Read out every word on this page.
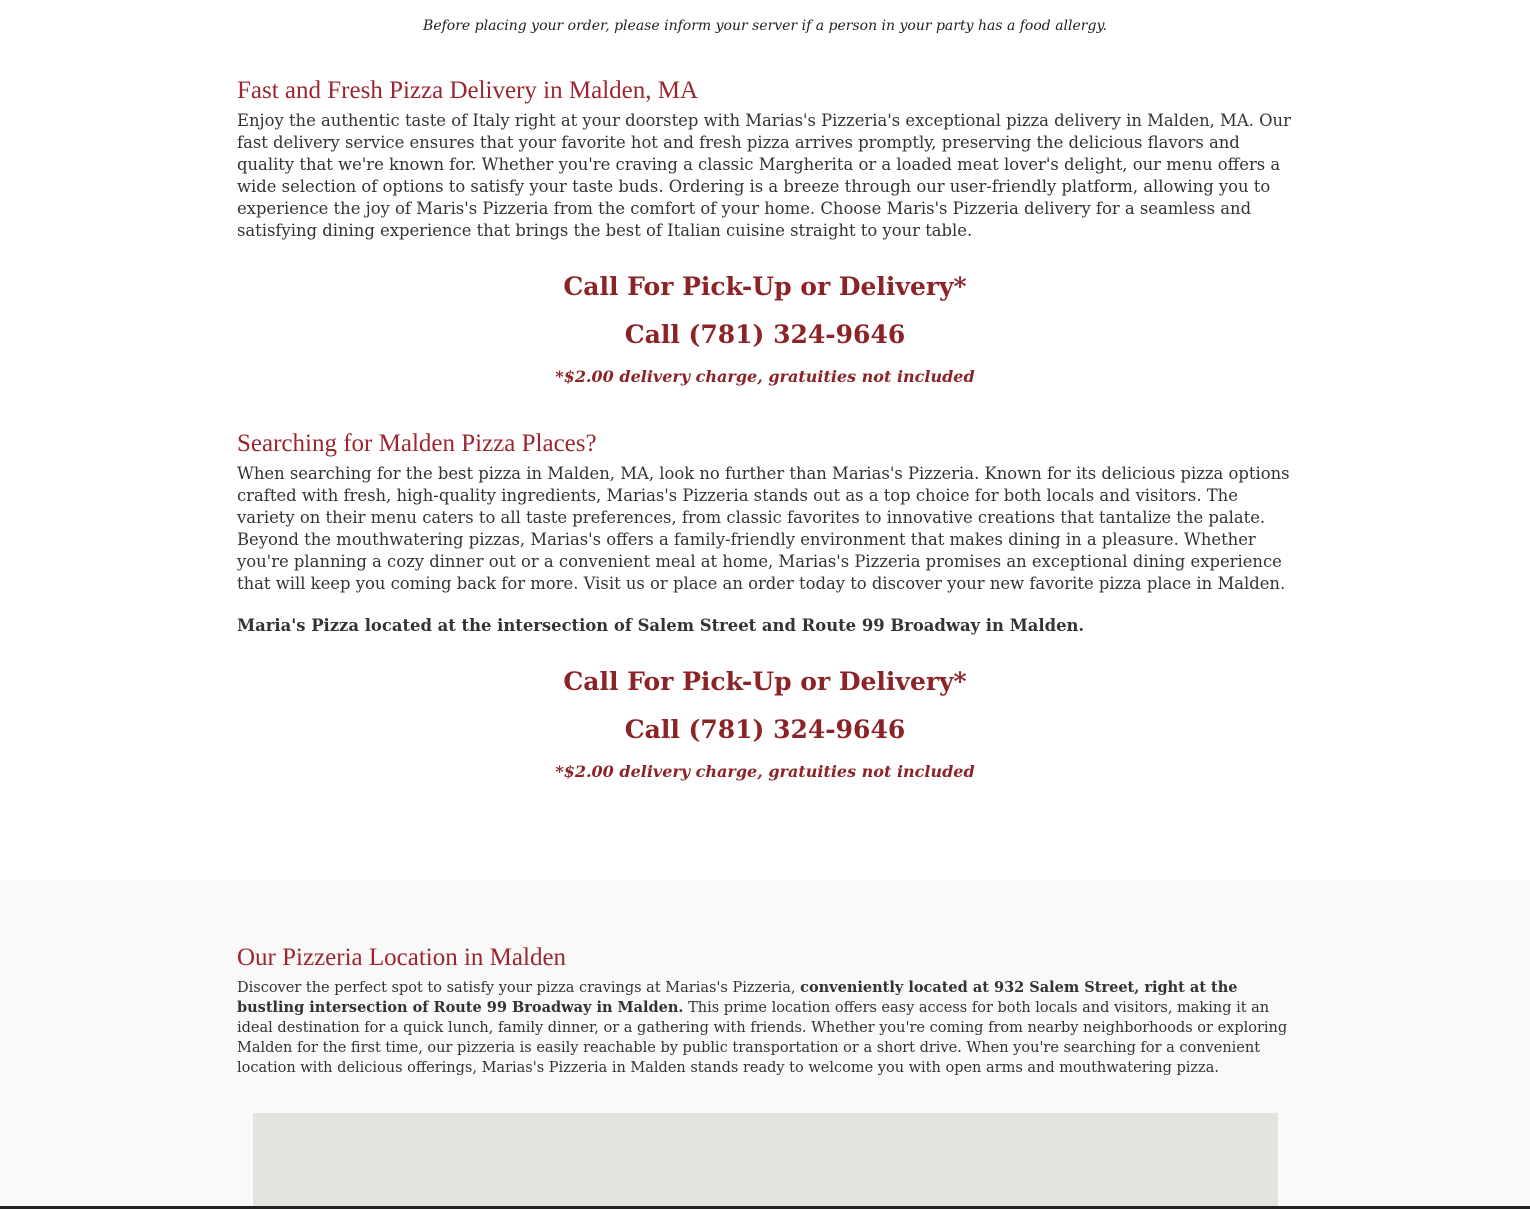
Before placing your order, please inform your server if a person in your party has a food allergy.
Fast and Fresh Pizza Delivery in Malden, MA

Enjoy the authentic taste of Italy right at your doorstep with Marias's Pizzeria's exceptional pizza delivery in Malden, MA. Our fast delivery service ensures that your favorite hot and fresh pizza arrives promptly, preserving the delicious flavors and quality that we're known for. Whether you're craving a classic Margherita or a loaded meat lover's delight, our menu offers a wide selection of options to satisfy your taste buds. Ordering is a breeze through our user-friendly platform, allowing you to experience the joy of Maris's Pizzeria from the comfort of your home. Choose Maris's Pizzeria delivery for a seamless and satisfying dining experience that brings the best of Italian cuisine straight to your table.

Call For Pick-Up or Delivery*
Call (781) 324-9646
*$2.00 delivery charge, gratuities not included
Searching for Malden Pizza Places?

When searching for the best pizza in Malden, MA, look no further than Marias's Pizzeria. Known for its delicious pizza options crafted with fresh, high-quality ingredients, Marias's Pizzeria stands out as a top choice for both locals and visitors. The variety on their menu caters to all taste preferences, from classic favorites to innovative creations that tantalize the palate. Beyond the mouthwatering pizzas, Marias's offers a family-friendly environment that makes dining in a pleasure. Whether you're planning a cozy dinner out or a convenient meal at home, Marias's Pizzeria promises an exceptional dining experience that will keep you coming back for more. Visit us or place an order today to discover your new favorite pizza place in Malden.

Maria's Pizza located at the intersection of Salem Street and Route 99 Broadway in Malden.
Call For Pick-Up or Delivery*
Call (781) 324-9646
*$2.00 delivery charge, gratuities not included
Our Pizzeria Location in Malden

Discover the perfect spot to satisfy your pizza cravings at Marias's Pizzeria, conveniently located at 932 Salem Street, right at the bustling intersection of Route 99 Broadway in Malden. This prime location offers easy access for both locals and visitors, making it an ideal destination for a quick lunch, family dinner, or a gathering with friends. Whether you're coming from nearby neighborhoods or exploring Malden for the first time, our pizzeria is easily reachable by public transportation or a short drive. When you're searching for a convenient location with delicious offerings, Marias's Pizzeria in Malden stands ready to welcome you with open arms and mouthwatering pizza.
